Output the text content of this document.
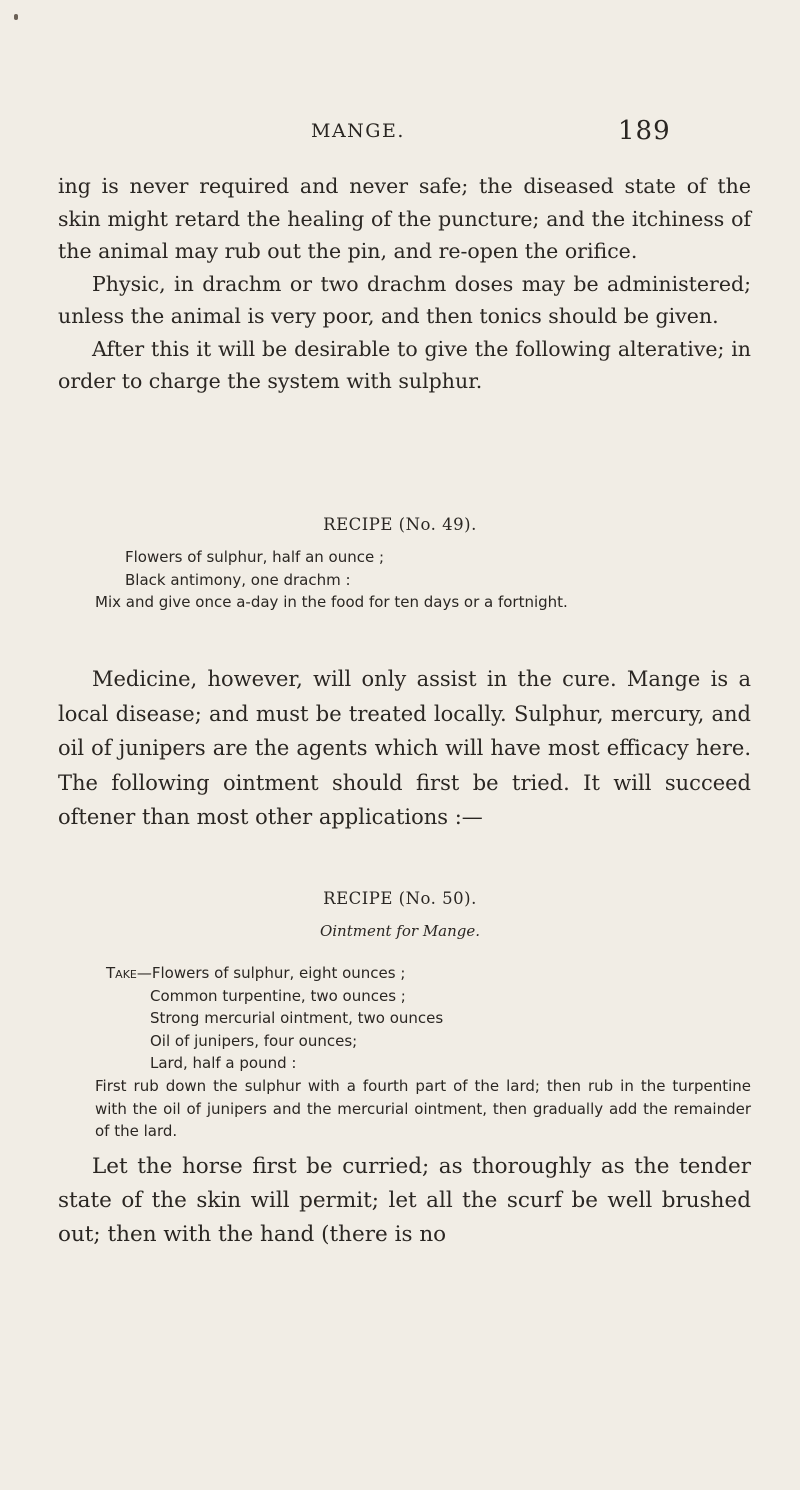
MANGE.	189

ing is never required and never safe; the diseased state of the skin might retard the healing of the puncture; and the itchiness of the animal may rub out the pin, and re-open the orifice.

Physic, in drachm or two drachm doses may be administered; unless the animal is very poor, and then tonics should be given.

After this it will be desirable to give the following alterative; in order to charge the system with sulphur.

RECIPE (No. 49).
Flowers of sulphur, half an ounce ;
Black antimony, one drachm :
Mix and give once a-day in the food for ten days or a fortnight.

Medicine, however, will only assist in the cure. Mange is a local disease; and must be treated locally. Sulphur, mercury, and oil of junipers are the agents which will have most efficacy here. The following ointment should first be tried. It will succeed oftener than most other applications :—

RECIPE (No. 50).
Ointment for Mange.
Take—Flowers of sulphur, eight ounces ;
Common turpentine, two ounces ;
Strong mercurial ointment, two ounces
Oil of junipers, four ounces;
Lard, half a pound :
First rub down the sulphur with a fourth part of the lard; then rub in the turpentine with the oil of junipers and the mercurial ointment, then gradually add the remainder of the lard.

Let the horse first be curried; as thoroughly as the tender state of the skin will permit; let all the scurf be well brushed out; then with the hand (there is no
